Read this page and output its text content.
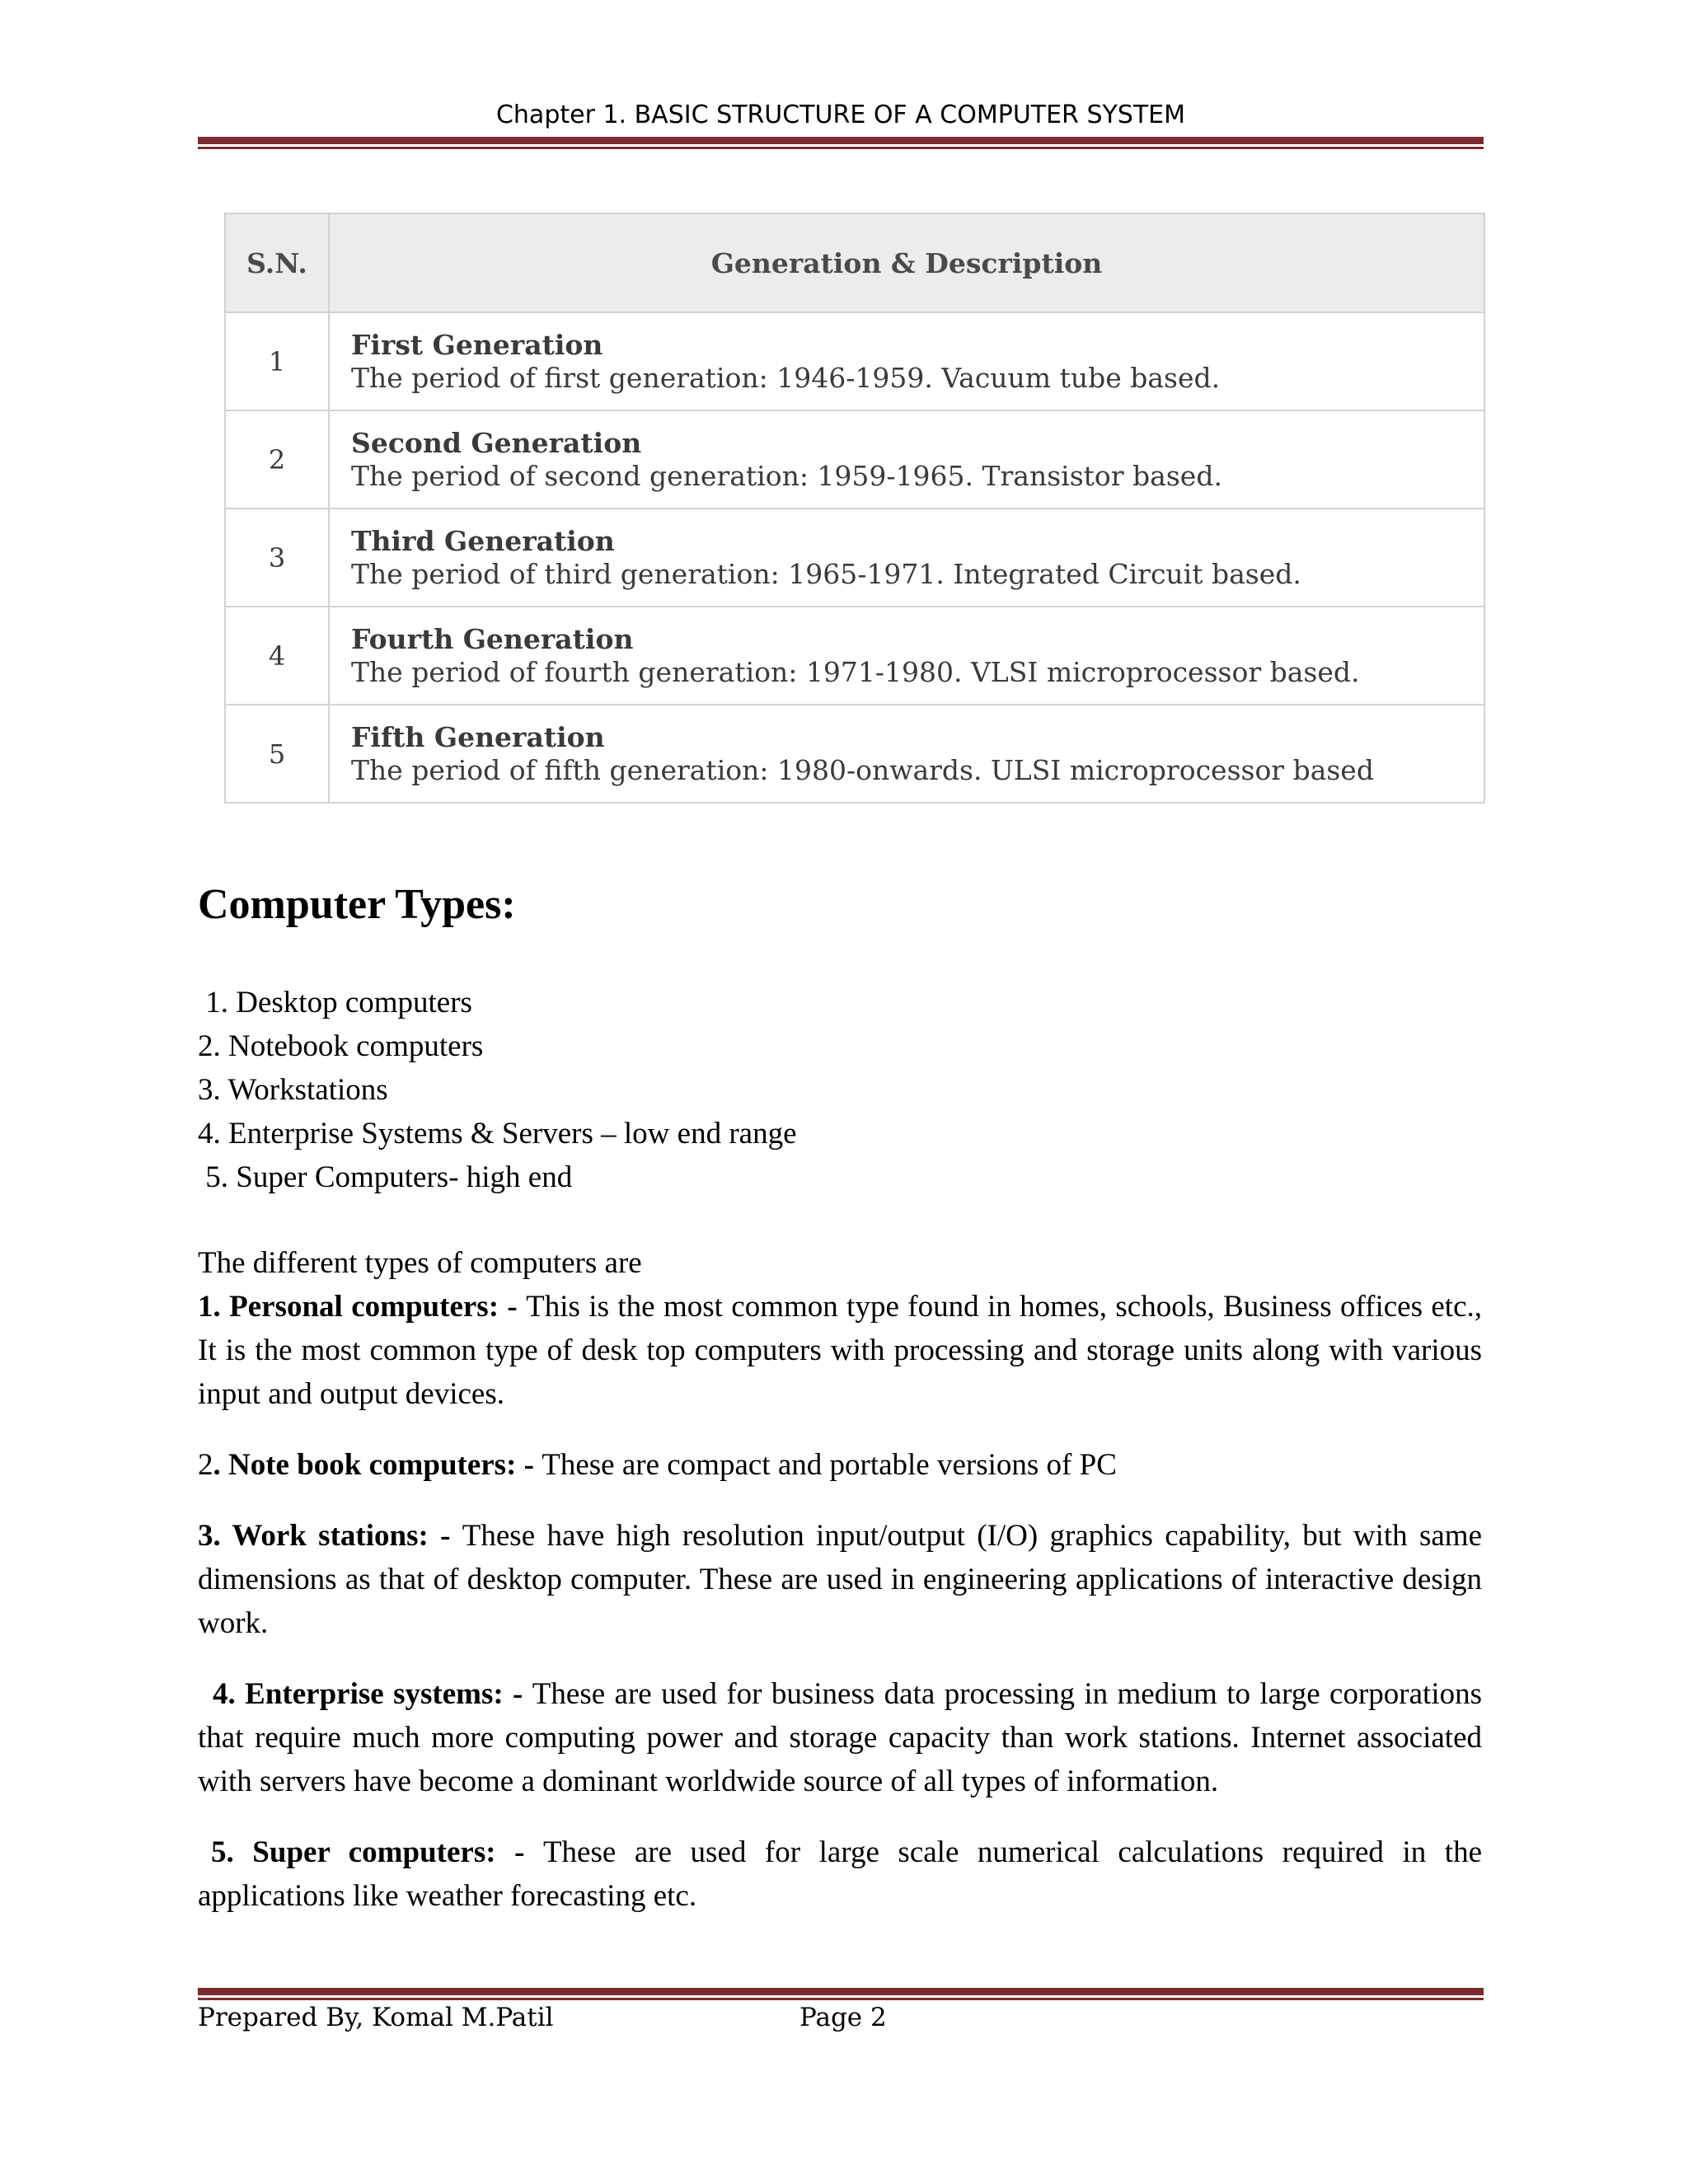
Chapter 1. BASIC STRUCTURE OF A COMPUTER SYSTEM
S.N.	Generation & Description
1	First Generation
The period of first generation: 1946-1959. Vacuum tube based.

2	Second Generation
The period of second generation: 1959-1965. Transistor based.

3	Third Generation
The period of third generation: 1965-1971. Integrated Circuit based.

4	Fourth Generation
The period of fourth generation: 1971-1980. VLSI microprocessor based.

5	Fifth Generation
The period of fifth generation: 1980-onwards. ULSI microprocessor based
Computer Types:
1. Desktop computers
2. Notebook computers
3. Workstations
4. Enterprise Systems & Servers – low end range
5. Super Computers- high end

The different types of computers are

1. Personal computers: - This is the most common type found in homes, schools, Business offices etc., It is the most common type of desk top computers with processing and storage units along with various input and output devices.

2. Note book computers: - These are compact and portable versions of PC

3. Work stations: - These have high resolution input/output (I/O) graphics capability, but with same dimensions as that of desktop computer. These are used in engineering applications of interactive design work.

4. Enterprise systems: - These are used for business data processing in medium to large corporations that require much more computing power and storage capacity than work stations. Internet associated with servers have become a dominant worldwide source of all types of information.

5. Super computers: - These are used for large scale numerical calculations required in the applications like weather forecasting etc.

Prepared By, Komal M.Patil	Page 2
